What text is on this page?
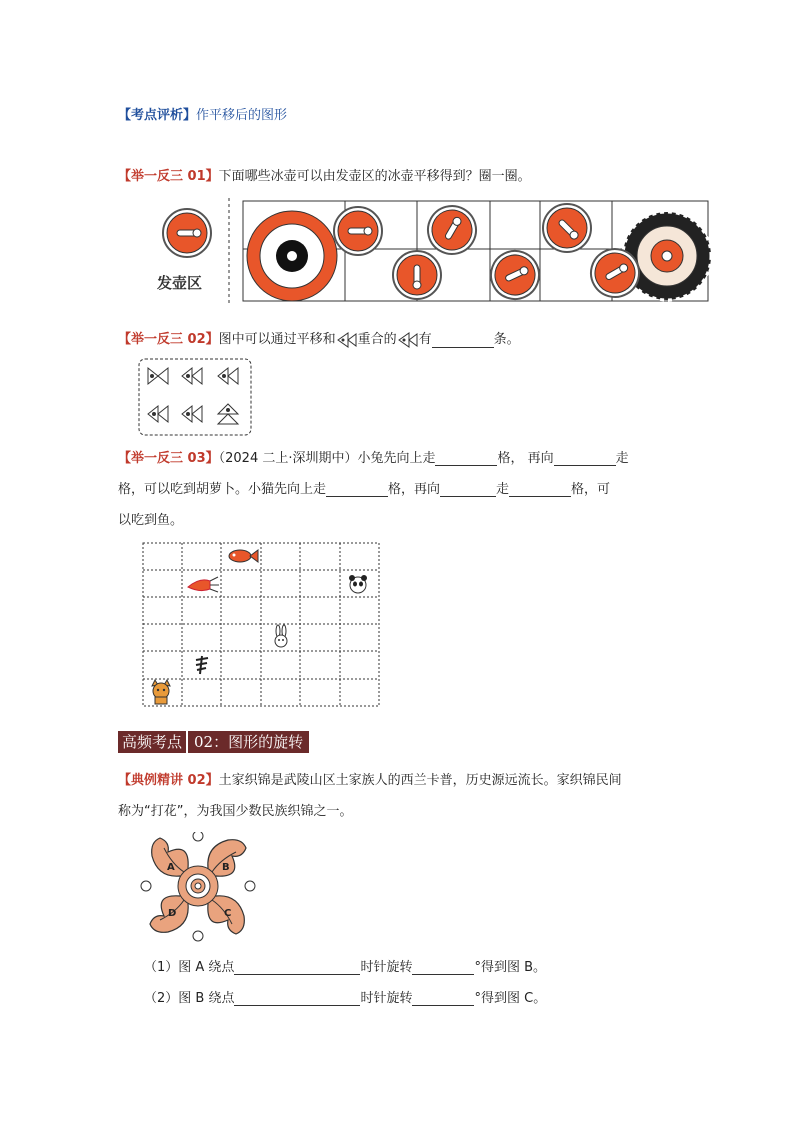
【考点评析】作平移后的图形
【举一反三 01】下面哪些冰壶可以由发壶区的冰壶平移得到？圈一圈。
发壶区
【举一反三 02】图中可以通过平移和 重合的 有	条。
【举一反三 03】（2024 二上·深圳期中）小兔先向上走	格， 再向	走
格，可以吃到胡萝卜。小猫先向上走	格，再向	走	格，可
以吃到鱼。
高频考点 02：图形的旋转
【典例精讲 02】土家织锦是武陵山区土家族人的西兰卡普，历史源远流长。家织锦民间
称为“打花”，为我国少数民族织锦之一。
A	B
D	C
（1）图 A 绕点	时针旋转	°得到图 B。
（2）图 B 绕点	时针旋转	°得到图 C。
